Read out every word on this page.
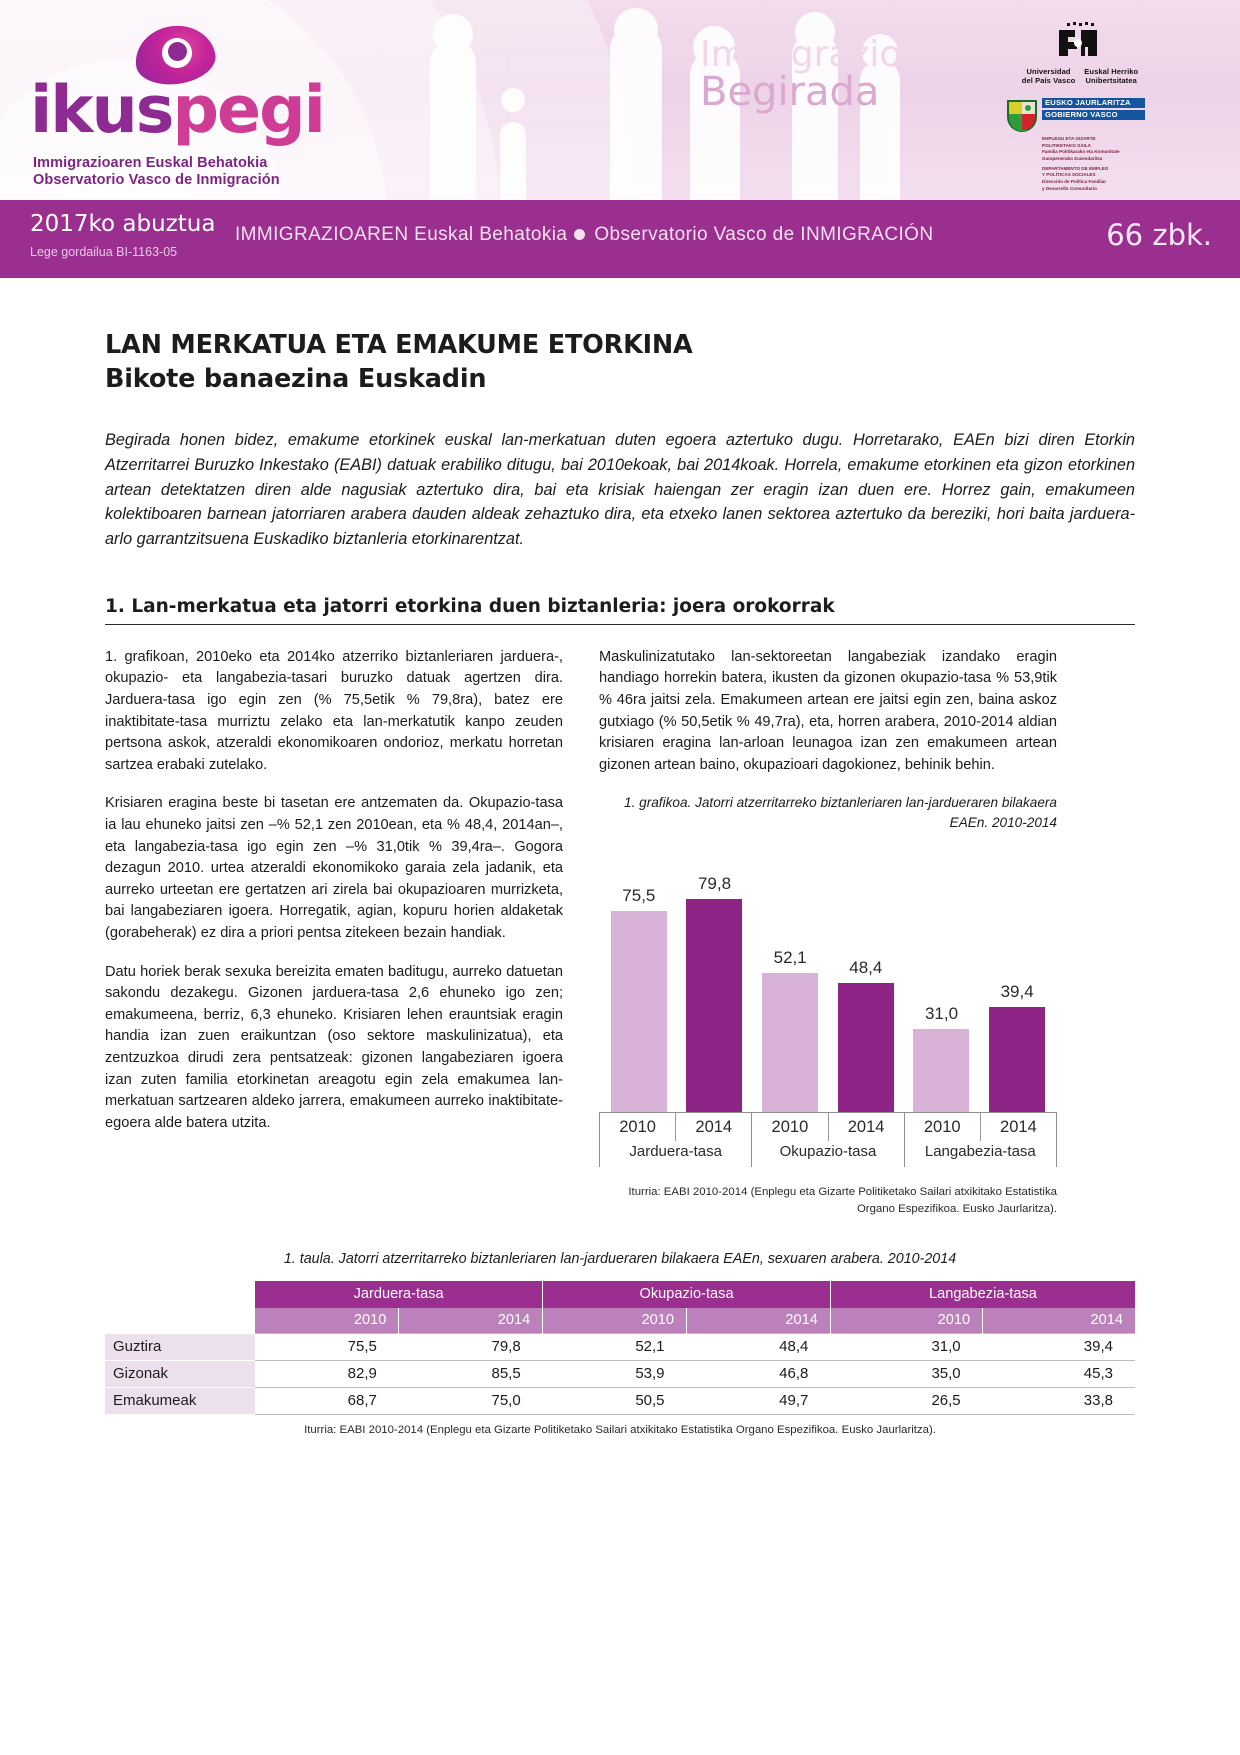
ikuspegi
Immigrazioaren Euskal Behatokia
Observatorio Vasco de Inmigración
Immigrazioari
Begirada	Universidad
del País Vasco
Euskal Herriko
Unibertsitatea
EUSKO JAURLARITZA
GOBIERNO VASCO
ENPLEGU ETA GIZARTE
POLITIKETAKO SAILA
Familia Politikarako eta Komunitate
Garapenerako Zuzendaritza
DEPARTAMENTO DE EMPLEO
Y POLÍTICAS SOCIALES
Dirección de Política Familiar
y Desarrollo Comunitario
2017ko abuztua
Lege gordailua BI-1163-05
IMMIGRAZIOAREN Euskal Behatokia Observatorio Vasco de INMIGRACIÓN	66 zbk.
LAN MERKATUA ETA EMAKUME ETORKINA
Bikote banaezina Euskadin
Begirada honen bidez, emakume etorkinek euskal lan-merkatuan duten egoera aztertuko dugu. Horretarako, EAEn bizi diren Etorkin Atzerritarrei Buruzko Inkestako (EABI) datuak erabiliko ditugu, bai 2010ekoak, bai 2014koak. Horrela, emakume etorkinen eta gizon etorkinen artean detektatzen diren alde nagusiak aztertuko dira, bai eta krisiak haiengan zer eragin izan duen ere. Horrez gain, emakumeen kolektiboaren barnean jatorriaren arabera dauden aldeak zehaztuko dira, eta etxeko lanen sektorea aztertuko da bereziki, hori baita jarduera-arlo garrantzitsuena Euskadiko biztanleria etorkinarentzat.
1. Lan-merkatua eta jatorri etorkina duen biztanleria: joera orokorrak

1. grafikoan, 2010eko eta 2014ko atzerriko biztanleriaren jarduera-, okupazio- eta langabezia-tasari buruzko datuak agertzen dira. Jarduera-tasa igo egin zen (% 75,5etik % 79,8ra), batez ere inaktibitate-tasa murriztu zelako eta lan-merkatutik kanpo zeuden pertsona askok, atzeraldi ekonomikoaren ondorioz, merkatu horretan sartzea erabaki zutelako.

Krisiaren eragina beste bi tasetan ere antzematen da. Okupazio-tasa ia lau ehuneko jaitsi zen –% 52,1 zen 2010ean, eta % 48,4, 2014an–, eta langabezia-tasa igo egin zen –% 31,0tik % 39,4ra–. Gogora dezagun 2010. urtea atzeraldi ekonomikoko garaia zela jadanik, eta aurreko urteetan ere gertatzen ari zirela bai okupazioaren murrizketa, bai langabeziaren igoera. Horregatik, agian, kopuru horien aldaketak (gorabeherak) ez dira a priori pentsa zitekeen bezain handiak.

Datu horiek berak sexuka bereizita ematen baditugu, aurreko datuetan sakondu dezakegu. Gizonen jarduera-tasa 2,6 ehuneko igo zen; emakumeena, berriz, 6,3 ehuneko. Krisiaren lehen erauntsiak eragin handia izan zuen eraikuntzan (oso sektore maskulinizatua), eta zentzuzkoa dirudi zera pentsatzeak: gizonen langabeziaren igoera izan zuten familia etorkinetan areagotu egin zela emakumea lan-merkatuan sartzearen aldeko jarrera, emakumeen aurreko inaktibitate-egoera alde batera utzita.

Maskulinizatutako lan-sektoreetan langabeziak izandako eragin handiago horrekin batera, ikusten da gizonen okupazio-tasa % 53,9tik % 46ra jaitsi zela. Emakumeen artean ere jaitsi egin zen, baina askoz gutxiago (% 50,5etik % 49,7ra), eta, horren arabera, 2010-2014 aldian krisiaren eragina lan-arloan leunagoa izan zen emakumeen artean gizonen artean baino, okupazioari dagokionez, behinik behin.

1. grafikoa. Jatorri atzerritarreko biztanleriaren lan-jardueraren bilakaera EAEn. 2010-2014
75,5
79,8
52,1
48,4
31,0
39,4
2010	2014
Jarduera-tasa
2010	2014
Okupazio-tasa
2010	2014
Langabezia-tasa
Iturria: EABI 2010-2014 (Enplegu eta Gizarte Politiketako Sailari atxikitako Estatistika Organo Espezifikoa. Eusko Jaurlaritza).
1. taula. Jatorri atzerritarreko biztanleriaren lan-jardueraren bilakaera EAEn, sexuaren arabera. 2010-2014
	Jarduera-tasa		Okupazio-tasa		Langabezia-tasa	
	2010	2014	2010	2014	2010	2014
Guztira	75,5	79,8	52,1	48,4	31,0	39,4
Gizonak	82,9	85,5	53,9	46,8	35,0	45,3
Emakumeak	68,7	75,0	50,5	49,7	26,5	33,8
Iturria: EABI 2010-2014 (Enplegu eta Gizarte Politiketako Sailari atxikitako Estatistika Organo Espezifikoa. Eusko Jaurlaritza).
